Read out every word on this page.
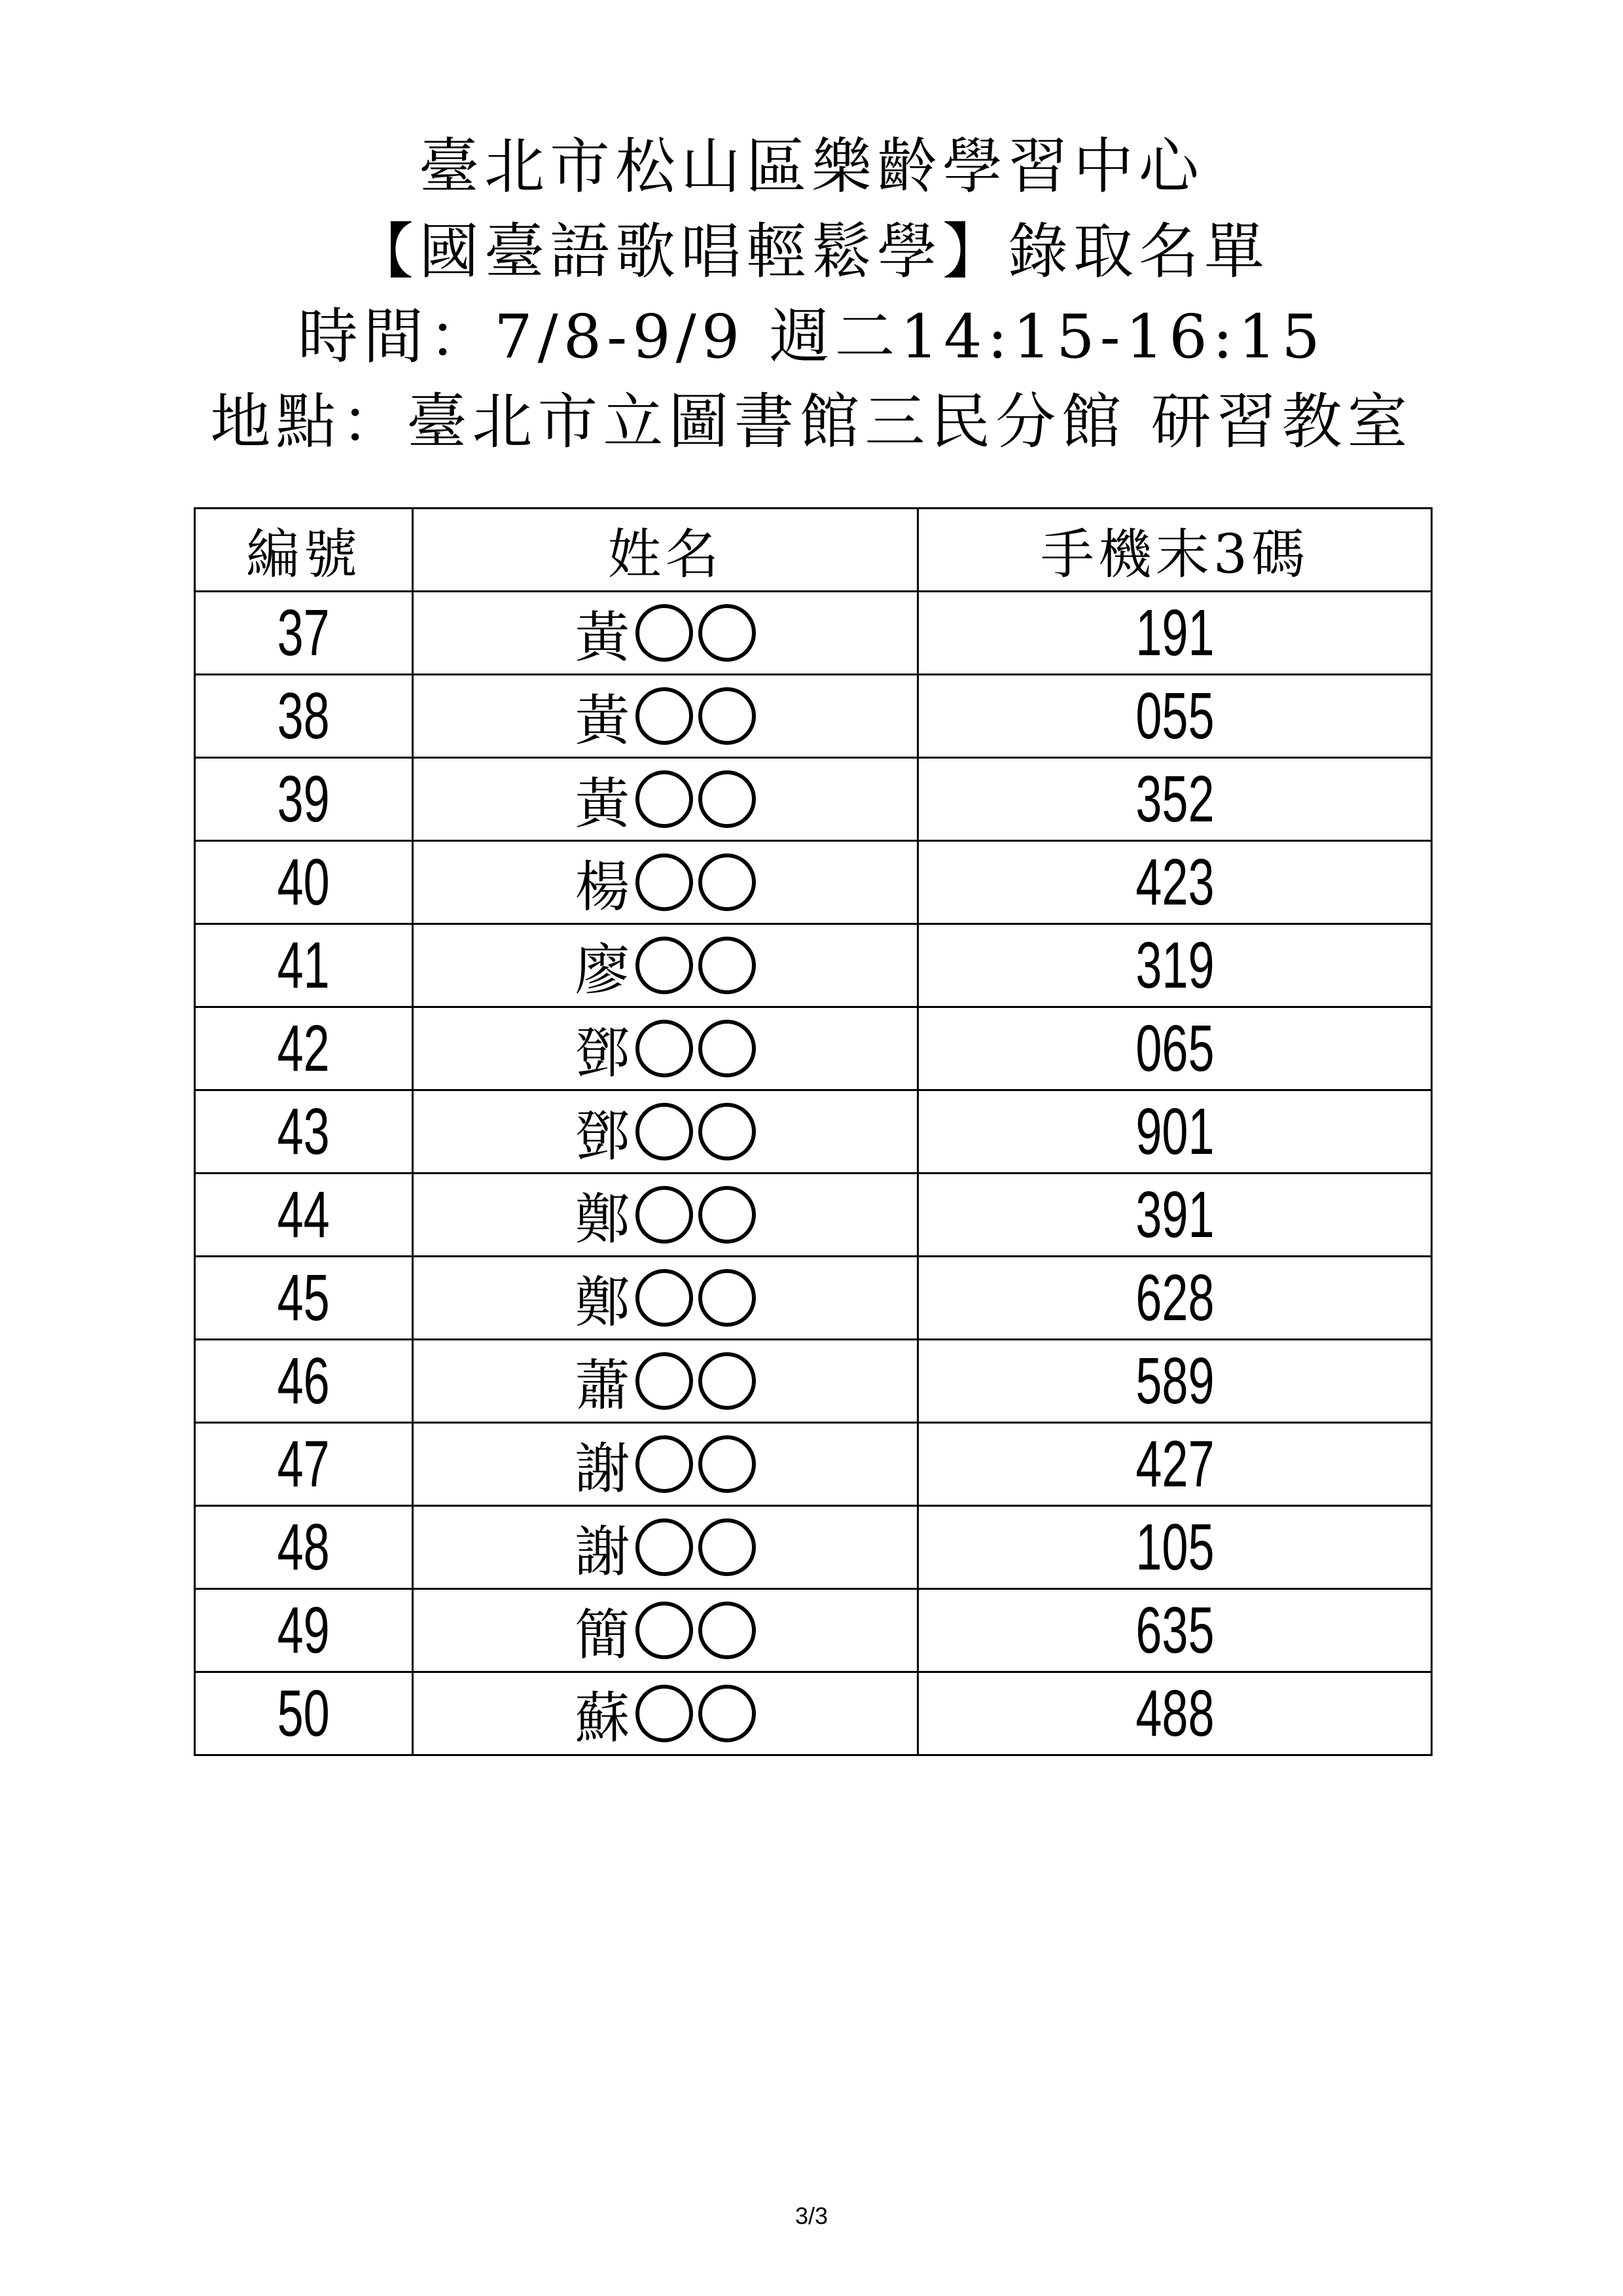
臺北市松山區樂齡學習中心
【國臺語歌唱輕鬆學】錄取名單
時間：7/8-9/9 週二14:15-16:15
地點：臺北市立圖書館三民分館 研習教室
編號	姓名	手機末3碼
37	黃	191
38	黃	055
39	黃	352
40	楊	423
41	廖	319
42	鄧	065
43	鄧	901
44	鄭	391
45	鄭	628
46	蕭	589
47	謝	427
48	謝	105
49	簡	635
50	蘇	488
3/3
